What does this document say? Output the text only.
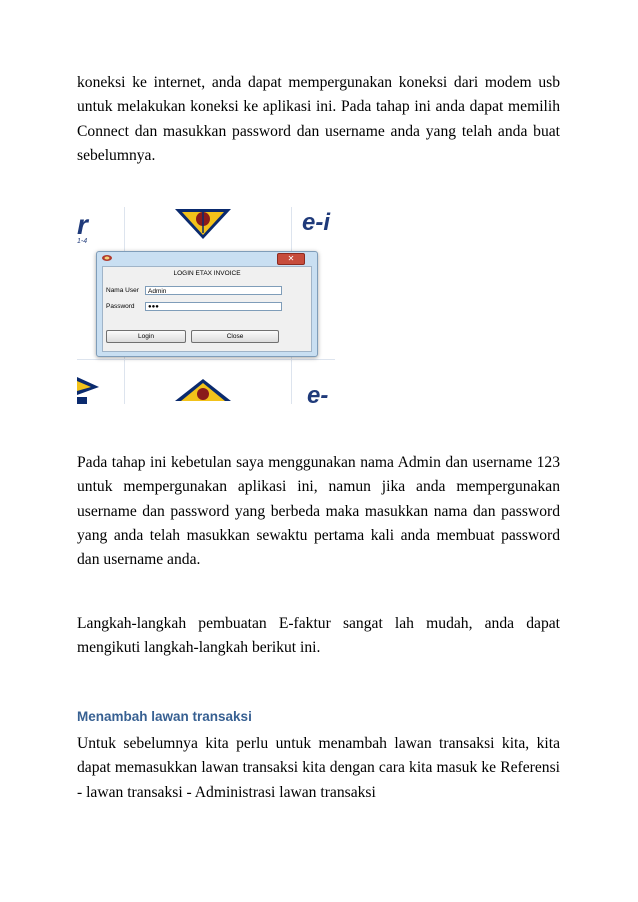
koneksi ke internet, anda dapat mempergunakan koneksi dari modem usb untuk melakukan koneksi ke aplikasi ini. Pada tahap ini anda dapat memilih Connect dan masukkan password dan username anda yang telah anda buat sebelumnya.

r
1-4
e-i
e-
✕
LOGIN ETAX INVOICE
Nama User	Admin
Password	●●●
Login	Close

Pada tahap ini kebetulan saya menggunakan nama Admin dan username 123 untuk mempergunakan aplikasi ini, namun jika anda mempergunakan username dan password yang berbeda maka masukkan nama dan password yang anda telah masukkan sewaktu pertama kali anda membuat password dan username anda.

Langkah-langkah pembuatan E-faktur sangat lah mudah, anda dapat mengikuti langkah-langkah berikut ini.

Menambah lawan transaksi

Untuk sebelumnya kita perlu untuk menambah lawan transaksi kita, kita dapat memasukkan lawan transaksi kita dengan cara kita masuk ke Referensi - lawan transaksi - Administrasi lawan transaksi
